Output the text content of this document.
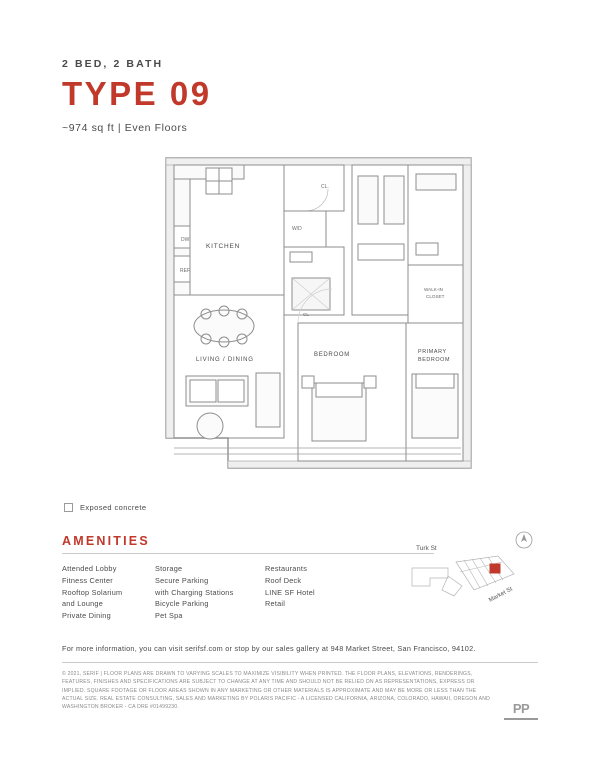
2 BED, 2 BATH
TYPE 09
~974 sq ft | Even Floors
DW
REF.
KITCHEN
CL.
W/D
WALK-IN
CLOSET
LIVING / DINING
BEDROOM
CL
PRIMARY
BEDROOM
Exposed concrete
AMENITIES
Attended Lobby
Fitness Center
Rooftop Solarium
and Lounge
Private Dining
Storage
Secure Parking
with Charging Stations
Bicycle Parking
Pet Spa
Restaurants
Roof Deck
LINE SF Hotel
Retail
Turk St
Market St
For more information, you can visit serifsf.com or stop by our sales gallery at 948 Market Street, San Francisco, 94102.
© 2021, SERIF | FLOOR PLANS ARE DRAWN TO VARYING SCALES TO MAXIMIZE VISIBILITY WHEN PRINTED. THE FLOOR PLANS, ELEVATIONS, RENDERINGS, FEATURES, FINISHES AND SPECIFICATIONS ARE SUBJECT TO CHANGE AT ANY TIME AND SHOULD NOT BE RELIED ON AS REPRESENTATIONS, EXPRESS OR IMPLIED. SQUARE FOOTAGE OR FLOOR AREAS SHOWN IN ANY MARKETING OR OTHER MATERIALS IS APPROXIMATE AND MAY BE MORE OR LESS THAN THE ACTUAL SIZE. REAL ESTATE CONSULTING, SALES AND MARKETING BY POLARIS PACIFIC - A LICENSED CALIFORNIA, ARIZONA, COLORADO, HAWAII, OREGON AND WASHINGTON BROKER - CA DRE #01499230.	PP
